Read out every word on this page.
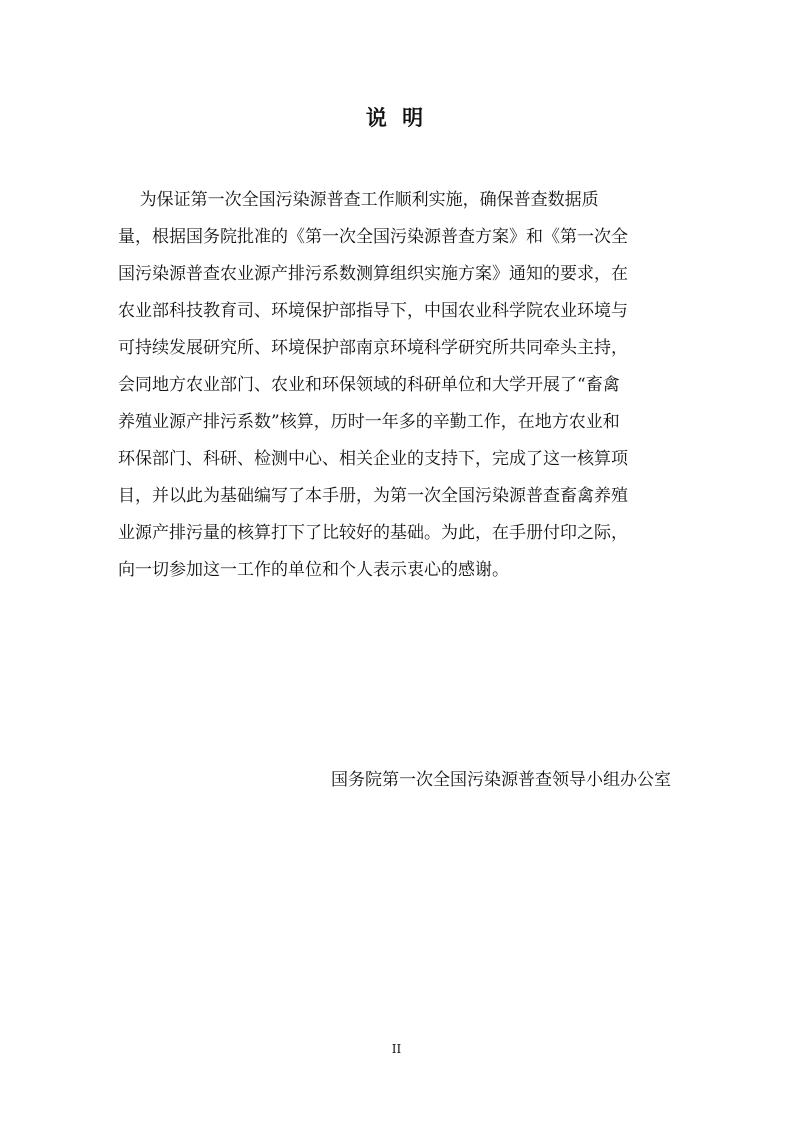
说 明
为保证第一次全国污染源普查工作顺利实施，确保普查数据质
量，根据国务院批准的《第一次全国污染源普查方案》和《第一次全
国污染源普查农业源产排污系数测算组织实施方案》通知的要求，在
农业部科技教育司、环境保护部指导下，中国农业科学院农业环境与
可持续发展研究所、环境保护部南京环境科学研究所共同牵头主持，
会同地方农业部门、农业和环保领域的科研单位和大学开展了“畜禽
养殖业源产排污系数”核算，历时一年多的辛勤工作，在地方农业和
环保部门、科研、检测中心、相关企业的支持下，完成了这一核算项
目，并以此为基础编写了本手册，为第一次全国污染源普查畜禽养殖
业源产排污量的核算打下了比较好的基础。为此，在手册付印之际，
向一切参加这一工作的单位和个人表示衷心的感谢。

国务院第一次全国污染源普查领导小组办公室

II
